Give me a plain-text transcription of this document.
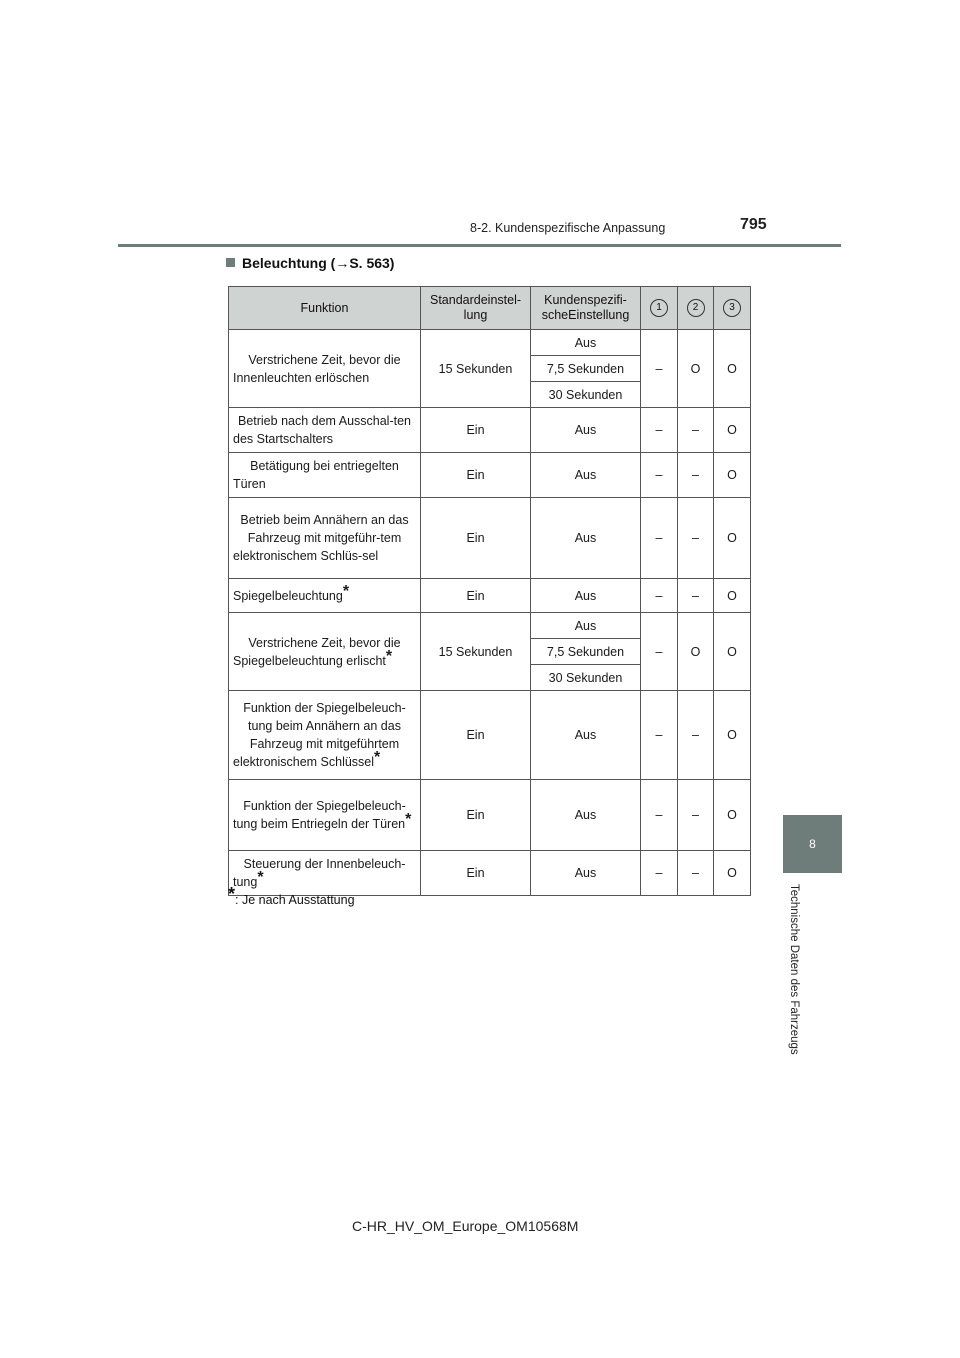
8-2. Kundenspezifische Anpassung	795
Beleuchtung (→S. 563)
Funktion	Standardeinstel-lung	Kundenspezifi-scheEinstellung	1	2	3
Verstrichene Zeit, bevor die Innenleuchten erlöschen	15 Sekunden	Aus	–	O	O
		7,5 Sekunden			
		30 Sekunden			
Betrieb nach dem Ausschal-ten des Startschalters	Ein	Aus	–	–	O
Betätigung bei entriegelten Türen	Ein	Aus	–	–	O
Betrieb beim Annähern an das Fahrzeug mit mitgeführ-tem elektronischem Schlüs-sel	Ein	Aus	–	–	O
Spiegelbeleuchtung*	Ein	Aus	–	–	O
Verstrichene Zeit, bevor die Spiegelbeleuchtung erlischt*	15 Sekunden	Aus	–	O	O
		7,5 Sekunden			
		30 Sekunden			
Funktion der Spiegelbeleuch-tung beim Annähern an das Fahrzeug mit mitgeführtem elektronischem Schlüssel*	Ein	Aus	–	–	O
Funktion der Spiegelbeleuch-tung beim Entriegeln der Türen*	Ein	Aus	–	–	O
Steuerung der Innenbeleuch-tung*	Ein	Aus	–	–	O
*: Je nach Ausstattung
8
Technische Daten des Fahrzeugs
C-HR_HV_OM_Europe_OM10568M
